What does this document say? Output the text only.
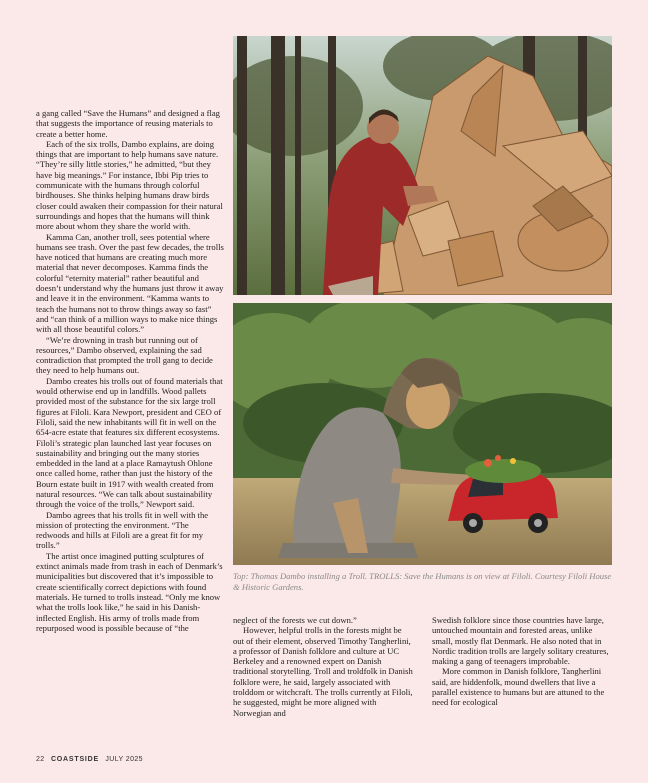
a gang called “Save the Humans” and designed a flag that suggests the importance of reusing materials to create a better home.

Each of the six trolls, Dambo explains, are doing things that are important to help humans save nature. “They’re silly little stories,” he admitted, “but they have big meanings.” For instance, Ibbi Pip tries to communicate with the humans through colorful birdhouses. She thinks helping humans draw birds closer could awaken their compassion for their natural surroundings and hopes that the humans will think more about whom they share the world with.

Kamma Can, another troll, sees potential where humans see trash. Over the past few decades, the trolls have noticed that humans are creating much more material that never decomposes. Kamma finds the colorful “eternity material” rather beautiful and doesn’t understand why the humans just throw it away and leave it in the environment. “Kamma wants to teach the humans not to throw things away so fast” and “can think of a million ways to make nice things with all those beautiful colors.”

“We’re drowning in trash but running out of resources,” Dambo observed, explaining the sad contradiction that prompted the troll gang to decide they need to help humans out.

Dambo creates his trolls out of found materials that would otherwise end up in landfills. Wood pallets provided most of the substance for the six large troll figures at Filoli. Kara Newport, president and CEO of Filoli, said the new inhabitants will fit in well on the 654-acre estate that features six different ecosystems. Filoli’s strategic plan launched last year focuses on sustainability and bringing out the many stories embedded in the land at a place Ramaytush Ohlone once called home, rather than just the history of the Bourn estate built in 1917 with wealth created from natural resources. “We can talk about sustainability through the voice of the trolls,” Newport said.

Dambo agrees that his trolls fit in well with the mission of protecting the environment. “The redwoods and hills at Filoli are a great fit for my trolls.”

The artist once imagined putting sculptures of extinct animals made from trash in each of Denmark’s municipalities but discovered that it’s impossible to create scientifically correct depictions with found materials. He turned to trolls instead. “Only me know what the trolls look like,” he said in his Danish-inflected English. His army of trolls made from repurposed wood is possible because of “the

Top: Thomas Dambo installing a Troll. TROLLS: Save the Humans is on view at Filoli. Courtesy Filoli House & Historic Gardens.

neglect of the forests we cut down.”

However, helpful trolls in the forests might be out of their element, observed Timothy Tangherlini, a professor of Danish folklore and culture at UC Berkeley and a renowned expert on Danish traditional storytelling. Troll and troldfolk in Danish folklore were, he said, largely associated with trolddom or witchcraft. The trolls currently at Filoli, he suggested, might be more aligned with Norwegian and

Swedish folklore since those countries have large, untouched mountain and forested areas, unlike small, mostly flat Denmark. He also noted that in Nordic tradition trolls are largely solitary creatures, making a gang of teenagers improbable.

More common in Danish folklore, Tangherlini said, are hiddenfolk, mound dwellers that live a parallel existence to humans but are attuned to the need for ecological

22 COASTSIDE JULY 2025
